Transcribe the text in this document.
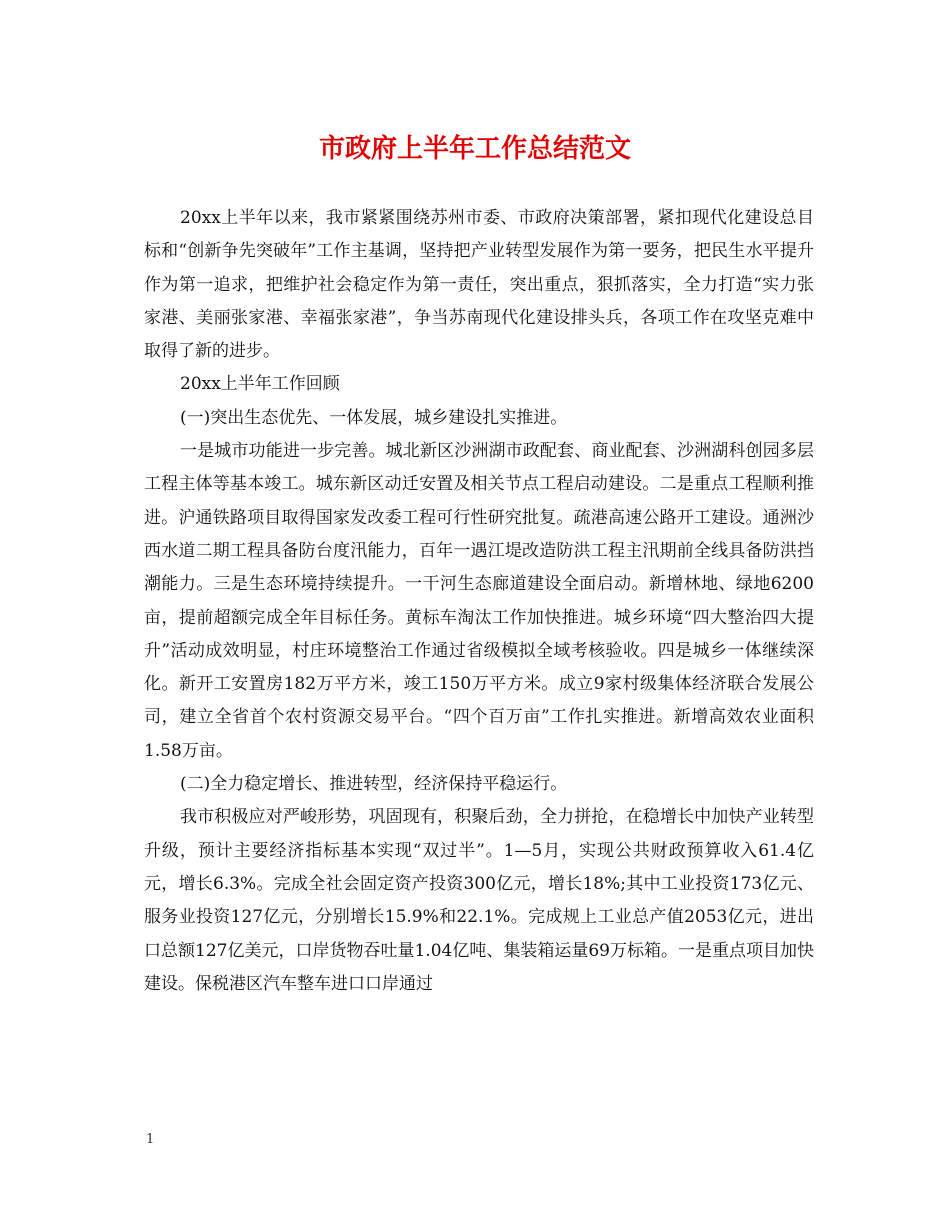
市政府上半年工作总结范文

20xx上半年以来，我市紧紧围绕苏州市委、市政府决策部署，紧扣现代化建设总目标和“创新争先突破年”工作主基调，坚持把产业转型发展作为第一要务，把民生水平提升作为第一追求，把维护社会稳定作为第一责任，突出重点，狠抓落实，全力打造“实力张家港、美丽张家港、幸福张家港”，争当苏南现代化建设排头兵，各项工作在攻坚克难中取得了新的进步。

20xx上半年工作回顾

(一)突出生态优先、一体发展，城乡建设扎实推进。

一是城市功能进一步完善。城北新区沙洲湖市政配套、商业配套、沙洲湖科创园多层工程主体等基本竣工。城东新区动迁安置及相关节点工程启动建设。二是重点工程顺利推进。沪通铁路项目取得国家发改委工程可行性研究批复。疏港高速公路开工建设。通洲沙西水道二期工程具备防台度汛能力，百年一遇江堤改造防洪工程主汛期前全线具备防洪挡潮能力。三是生态环境持续提升。一干河生态廊道建设全面启动。新增林地、绿地6200亩，提前超额完成全年目标任务。黄标车淘汰工作加快推进。城乡环境“四大整治四大提升”活动成效明显，村庄环境整治工作通过省级模拟全域考核验收。四是城乡一体继续深化。新开工安置房182万平方米，竣工150万平方米。成立9家村级集体经济联合发展公司，建立全省首个农村资源交易平台。“四个百万亩”工作扎实推进。新增高效农业面积1.58万亩。

(二)全力稳定增长、推进转型，经济保持平稳运行。

我市积极应对严峻形势，巩固现有，积聚后劲，全力拼抢，在稳增长中加快产业转型升级，预计主要经济指标基本实现“双过半”。1—5月，实现公共财政预算收入61.4亿元，增长6.3%。完成全社会固定资产投资300亿元，增长18%;其中工业投资173亿元、服务业投资127亿元，分别增长15.9%和22.1%。完成规上工业总产值2053亿元，进出口总额127亿美元，口岸货物吞吐量1.04亿吨、集装箱运量69万标箱。一是重点项目加快建设。保税港区汽车整车进口口岸通过

1
